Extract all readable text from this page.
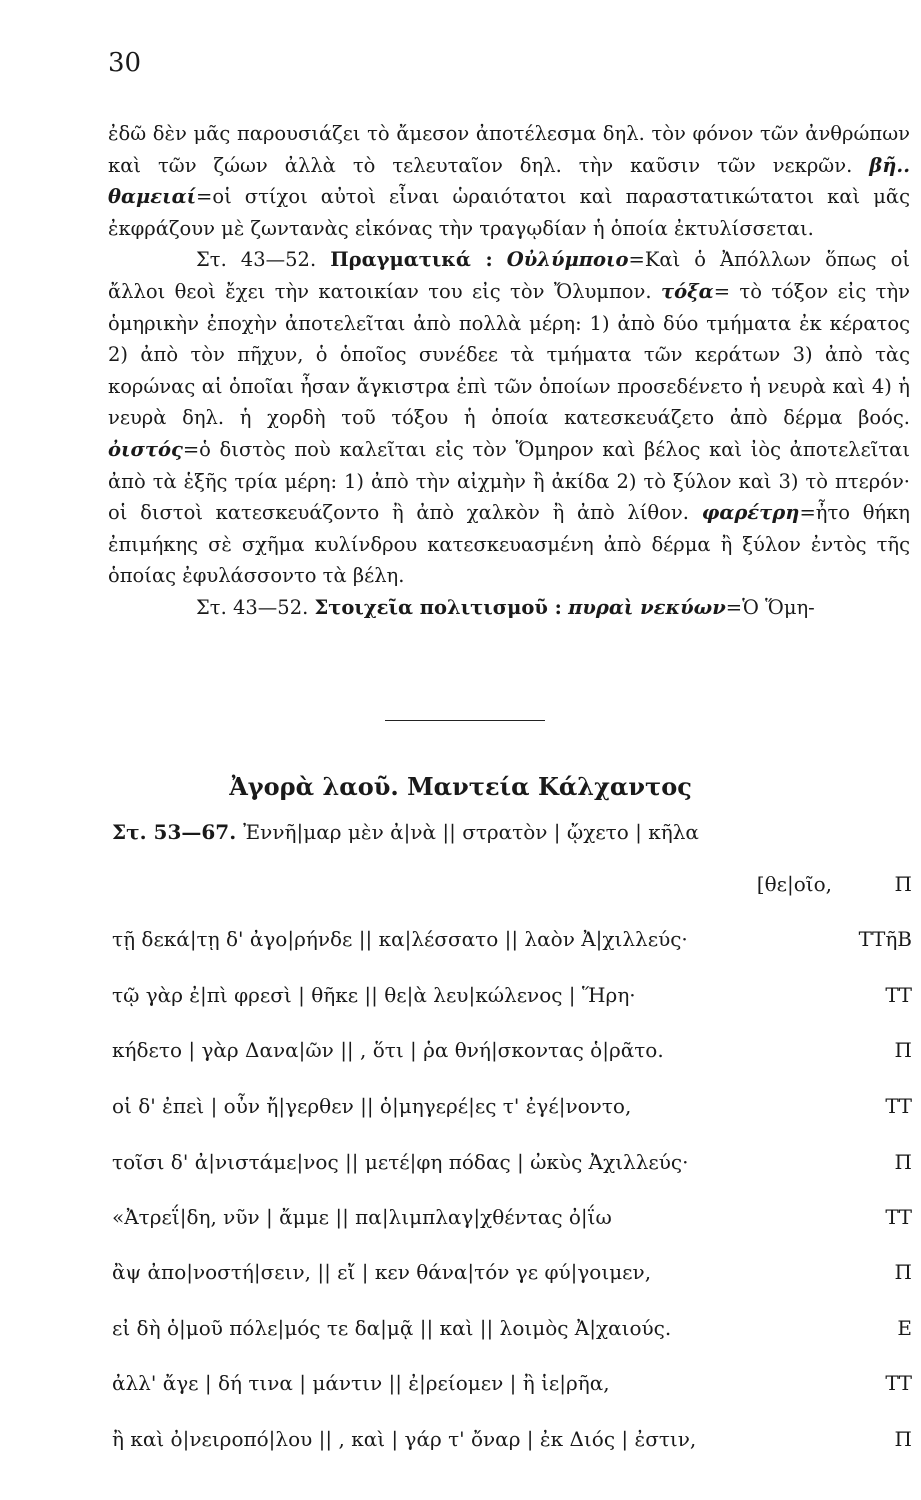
30

ἐδῶ δὲν μᾶς παρουσιάζει τὸ ἄμεσον ἀποτέλεσμα δηλ. τὸν φόνον τῶν ἀνθρώπων καὶ τῶν ζώων ἀλλὰ τὸ τελευταῖον δηλ. τὴν καῦσιν τῶν νεκρῶν. βῆ.. θαμειαί=οἱ στίχοι αὐτοὶ εἶναι ὡραιότατοι καὶ παραστατικώτατοι καὶ μᾶς ἐκφράζουν μὲ ζωντανὰς εἰκόνας τὴν τραγῳδίαν ἡ ὁποία ἐκτυλίσσεται.

Στ. 43—52. Πραγματικά : Οὐλύμποιο=Καὶ ὁ Ἀπόλλων ὅπως οἱ ἄλλοι θεοὶ ἔχει τὴν κατοικίαν του εἰς τὸν Ὄλυμπον. τόξα= τὸ τόξον εἰς τὴν ὁμηρικὴν ἐποχὴν ἀποτελεῖται ἀπὸ πολλὰ μέρη: 1) ἀπὸ δύο τμήματα ἐκ κέρατος 2) ἀπὸ τὸν πῆχυν, ὁ ὁποῖος συνέδεε τὰ τμήματα τῶν κεράτων 3) ἀπὸ τὰς κορώνας αἱ ὁποῖαι ἦσαν ἄγκιστρα ἐπὶ τῶν ὁποίων προσεδένετο ἡ νευρὰ καὶ 4) ἡ νευρὰ δηλ. ἡ χορδὴ τοῦ τόξου ἡ ὁποία κατεσκευάζετο ἀπὸ δέρμα βοός. ὀιστός=ὁ διστὸς ποὺ καλεῖται εἰς τὸν Ὅμηρον καὶ βέλος καὶ ἰὸς ἀποτελεῖται ἀπὸ τὰ ἑξῆς τρία μέρη: 1) ἀπὸ τὴν αἰχμὴν ἢ ἀκίδα 2) τὸ ξύλον καὶ 3) τὸ πτερόν· οἱ διστοὶ κατεσκευάζοντο ἢ ἀπὸ χαλκὸν ἢ ἀπὸ λίθον. φαρέτρη=ἦτο θήκη ἐπιμήκης σὲ σχῆμα κυλίνδρου κατεσκευασμένη ἀπὸ δέρμα ἢ ξύλον ἐντὸς τῆς ὁποίας ἐφυλάσσοντο τὰ βέλη.

Στ. 43—52. Στοιχεῖα πολιτισμοῦ : πυραὶ νεκύων=Ὁ Ὅμη-

Ἀγορὰ λαοῦ. Μαντεία Κάλχαντος
Στ. 53—67. Ἐννῆ|μαρ μὲν ἀ|νὰ || στρατὸν | ᾤχετο | κῆλα
[θε|οῖο,	Π
τῇ δεκά|τῃ δ' ἀγο|ρήνδε || κα|λέσσατο || λαὸν Ἀ|χιλλεύς·	ΤΤῆΒ
τῷ γὰρ ἐ|πὶ φρεσὶ | θῆκε || θε|ὰ λευ|κώλενος | Ἥρη·	ΤΤ
κήδετο | γὰρ Δανα|ῶν || , ὅτι | ῥα θνή|σκοντας ὁ|ρᾶτο.	Π
οἱ δ' ἐπεὶ | οὖν ἤ|γερθεν || ὁ|μηγερέ|ες τ' ἐγέ|νοντο,	ΤΤ
τοῖσι δ' ἀ|νιστάμε|νος || μετέ|φη πόδας | ὠκὺς Ἀχιλλεύς·	Π
«Ἀτρεΐ|δη, νῦν | ἄμμε || πα|λιμπλαγ|χθέντας ὀ|ΐω	ΤΤ
ἂψ ἀπο|νοστή|σειν, || εἴ | κεν θάνα|τόν γε φύ|γοιμεν,	Π
εἰ δὴ ὁ|μοῦ πόλε|μός τε δα|μᾷ || καὶ || λοιμὸς Ἀ|χαιούς.	Ε
ἀλλ' ἄγε | δή τινα | μάντιν || ἐ|ρείομεν | ἢ ἱε|ρῆα,	ΤΤ
ἢ καὶ ὀ|νειροπό|λου || , καὶ | γάρ τ' ὄναρ | ἐκ Διός | ἐστιν,	Π
